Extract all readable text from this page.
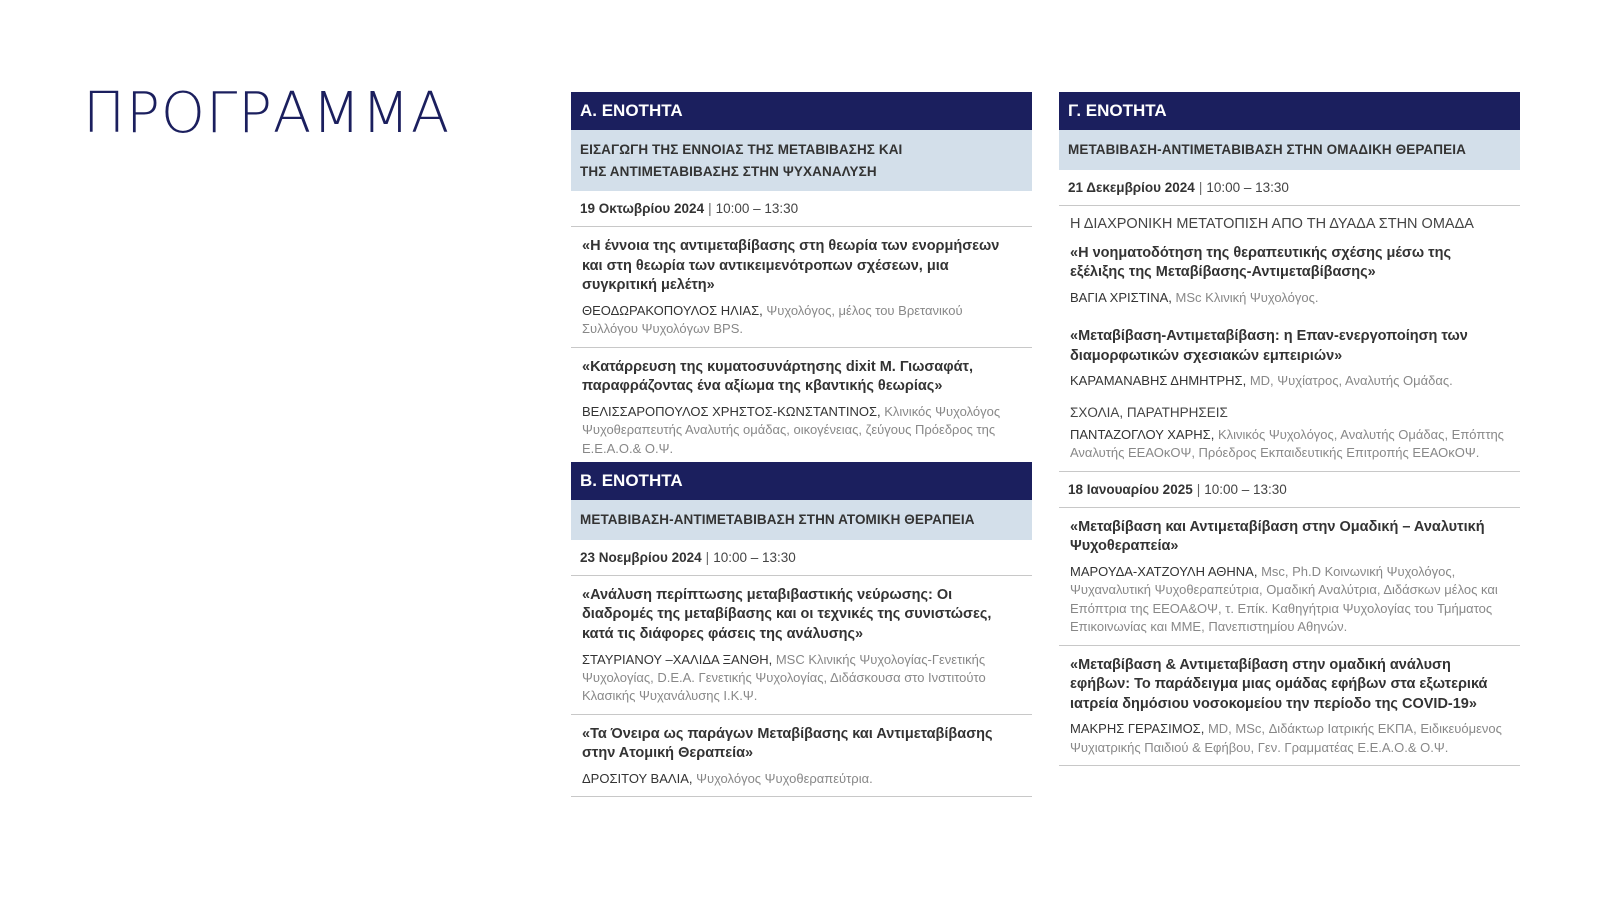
ΠΡΟΓΡΑΜΜΑ	Α. ΕΝΟΤΗΤΑ
ΕΙΣΑΓΩΓΗ ΤΗΣ ΕΝΝΟΙΑΣ ΤΗΣ ΜΕΤΑΒΙΒΑΣΗΣ ΚΑΙ
ΤΗΣ ΑΝΤΙΜΕΤΑΒΙΒΑΣΗΣ ΣΤΗΝ ΨΥΧΑΝΑΛΥΣΗ
19 Οκτωβρίου 2024 | 10:00 – 13:30
«Η έννοια της αντιμεταβίβασης στη θεωρία των ενορμήσεων και στη θεωρία των αντικειμενότροπων σχέσεων, μια συγκριτική μελέτη»
ΘΕΟΔΩΡΑΚΟΠΟΥΛΟΣ ΗΛΙΑΣ, Ψυχολόγος, μέλος του Βρετανικού Συλλόγου Ψυχολόγων BPS.
«Κατάρρευση της κυματοσυνάρτησης dixit Μ. Γιωσαφάτ, παραφράζοντας ένα αξίωμα της κβαντικής θεωρίας»
ΒΕΛΙΣΣΑΡΟΠΟΥΛΟΣ ΧΡΗΣΤΟΣ-ΚΩΝΣΤΑΝΤΙΝΟΣ, Κλινικός Ψυχολόγος Ψυχοθεραπευτής Αναλυτής ομάδας, οικογένειας, ζεύγους Πρόεδρος της Ε.Ε.Α.Ο.& Ο.Ψ.
Β. ΕΝΟΤΗΤΑ
ΜΕΤΑΒΙΒΑΣΗ-ΑΝΤΙΜΕΤΑΒΙΒΑΣΗ ΣΤΗΝ ΑΤΟΜΙΚΗ ΘΕΡΑΠΕΙΑ
23 Νοεμβρίου 2024 | 10:00 – 13:30
«Ανάλυση περίπτωσης μεταβιβαστικής νεύρωσης: Οι διαδρομές της μεταβίβασης και οι τεχνικές της συνιστώσες, κατά τις διάφορες φάσεις της ανάλυσης»
ΣΤΑΥΡΙΑΝΟΥ –ΧΑΛΙΔΑ ΞΑΝΘΗ, MSC Κλινικής Ψυχολογίας-Γενετικής Ψυχολογίας, D.E.A. Γενετικής Ψυχολογίας, Διδάσκουσα στο Ινστιτούτο Κλασικής Ψυχανάλυσης Ι.Κ.Ψ.
«Τα Όνειρα ως παράγων Μεταβίβασης και Αντιμεταβίβασης στην Ατομική Θεραπεία»
ΔΡΟΣΙΤΟΥ ΒΑΛΙΑ, Ψυχολόγος Ψυχοθεραπεύτρια.
Γ. ΕΝΟΤΗΤΑ
ΜΕΤΑΒΙΒΑΣΗ-ΑΝΤΙΜΕΤΑΒΙΒΑΣΗ ΣΤΗΝ ΟΜΑΔΙΚΗ ΘΕΡΑΠΕΙΑ
21 Δεκεμβρίου 2024 | 10:00 – 13:30
Η ΔΙΑΧΡΟΝΙΚΗ ΜΕΤΑΤΟΠΙΣΗ ΑΠΟ ΤΗ ΔΥΑΔΑ ΣΤΗΝ ΟΜΑΔΑ
«Η νοηματοδότηση της θεραπευτικής σχέσης μέσω της εξέλιξης της Μεταβίβασης-Αντιμεταβίβασης»
ΒΑΓΙΑ ΧΡΙΣΤΙΝΑ, MSc Κλινική Ψυχολόγος.
«Μεταβίβαση-Αντιμεταβίβαση: η Επαν-ενεργοποίηση των διαμορφωτικών σχεσιακών εμπειριών»
ΚΑΡΑΜΑΝΑΒΗΣ ΔΗΜΗΤΡΗΣ, MD, Ψυχίατρος, Αναλυτής Ομάδας.
ΣΧΟΛΙΑ, ΠΑΡΑΤΗΡΗΣΕΙΣ
ΠΑΝΤΑΖΟΓΛΟΥ ΧΑΡΗΣ, Κλινικός Ψυχολόγος, Αναλυτής Ομάδας, Επόπτης Αναλυτής ΕΕΑΟκΟΨ, Πρόεδρος Εκπαιδευτικής Επιτροπής ΕΕΑΟκΟΨ.
18 Ιανουαρίου 2025 | 10:00 – 13:30
«Μεταβίβαση και Αντιμεταβίβαση στην Ομαδική – Αναλυτική Ψυχοθεραπεία»
ΜΑΡΟΥΔΑ-ΧΑΤΖΟΥΛΗ ΑΘΗΝΑ, Msc, Ph.D Κοινωνική Ψυχολόγος, Ψυχαναλυτική Ψυχοθεραπεύτρια, Ομαδική Αναλύτρια, Διδάσκων μέλος και Επόπτρια της ΕΕΟΑ&ΟΨ, τ. Επίκ. Καθηγήτρια Ψυχολογίας του Τμήματος Επικοινωνίας και ΜΜΕ, Πανεπιστημίου Αθηνών.
«Μεταβίβαση & Αντιμεταβίβαση στην ομαδική ανάλυση εφήβων: Το παράδειγμα μιας ομάδας εφήβων στα εξωτερικά ιατρεία δημόσιου νοσοκομείου την περίοδο της COVID-19»
ΜΑΚΡΗΣ ΓΕΡΑΣΙΜΟΣ, MD, MSc, Διδάκτωρ Ιατρικής ΕΚΠΑ, Ειδικευόμενος Ψυχιατρικής Παιδιού & Εφήβου, Γεν. Γραμματέας Ε.Ε.Α.Ο.& Ο.Ψ.
